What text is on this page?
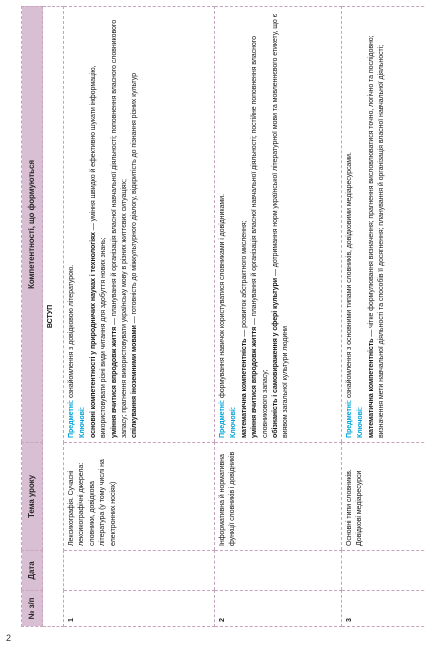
2
№ з/п	Дата	Тема уроку	Компетентності, що формуються
ВСТУП			
1		Лексикографія. Сучасні лексикографічні джерела: словники, довідкова література (у тому числі на електронних носіях)	Предметні: ознайомлення з довідковою літературою.

Ключові: основні компетентності у природничих науках і технологіях — уміння швидко й ефективно шукати інформацію, використовувати різні види читання для здобуття нових знань; уміння вчитися впродовж життя — планування й організація власної навчальної діяльності; поповнення власного словникового запасу; прагнення використовувати українську мову в різних життєвих ситуаціях; спілкування іноземними мовами — готовність до міжкультурного діалогу, відкритість до пізнання різних культур

2		Інформативна й нормативна функції словників і довідників	Предметні: формування навичок користуватися словниками і довідниками.

Ключові: математична компетентність — розвиток абстрактного мислення;

уміння вчитися впродовж життя — планування й організація власної навчальної діяльності; постійне поповнення власного словникового запасу; обізнаність і самовираження у сфері культури — дотримання норм української літературної мови та мовленнєвого етикету, що є виявом загальної культури людини

3		Основні типи словників. Довідкові медіаресурси	Предметні: ознайомлення з основними типами словників, довідковими медіаресурсами.

Ключові: математична компетентність — чітке формулювання визначення; прагнення висловлюватися точно, логічно та послідовно; визначення мети навчальної діяльності та способів її досягнення; планування й організація власної навчальної діяльності;
